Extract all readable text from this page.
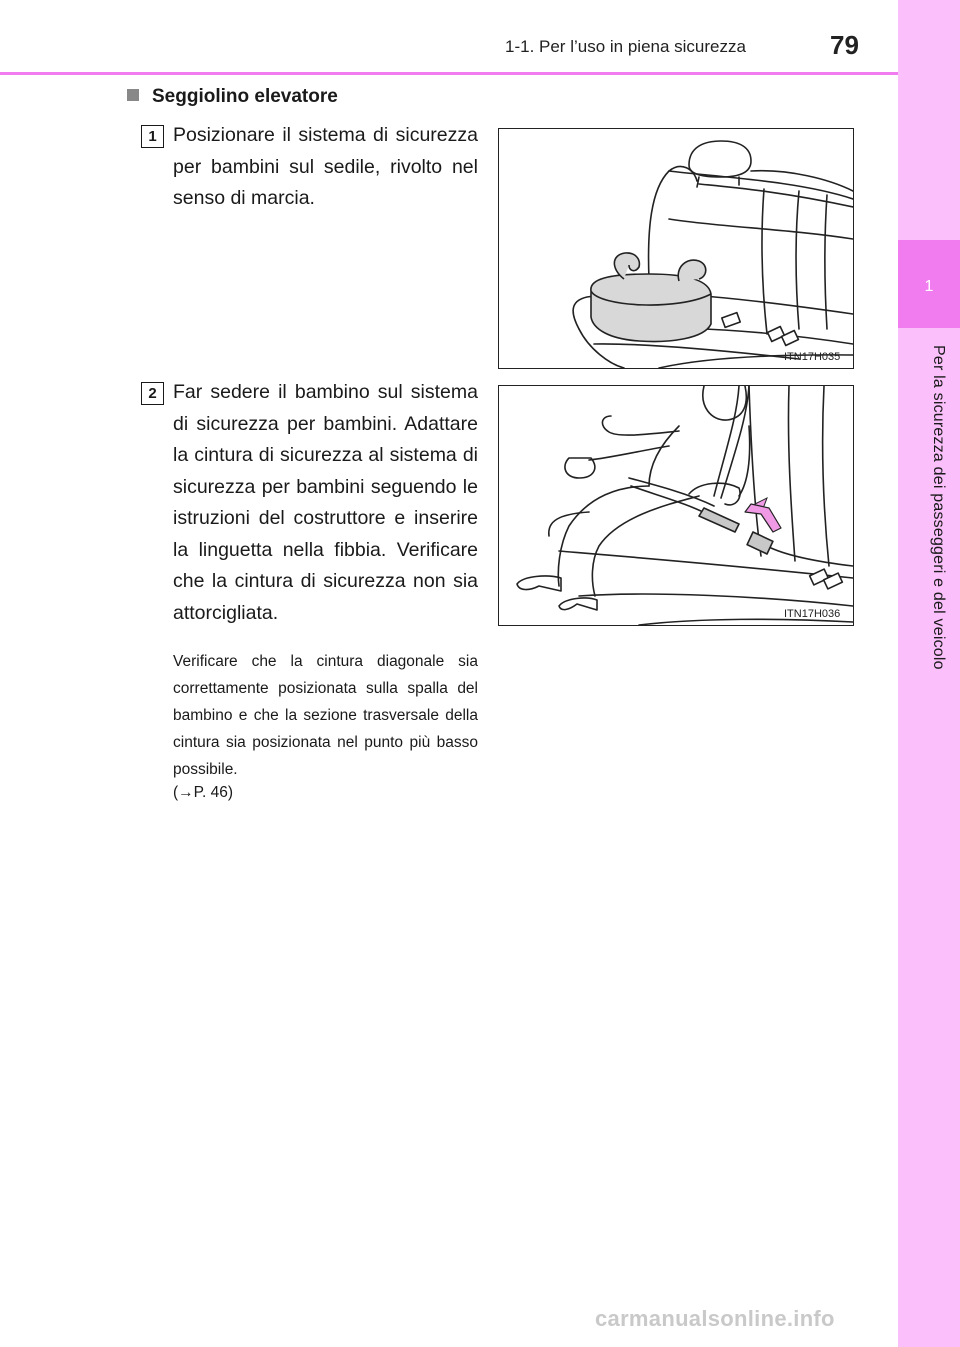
1-1. Per l’uso in piena sicurezza	79
1
Per la sicurezza dei passeggeri e del veicolo
Seggiolino elevatore
1 Posizionare il sistema di sicurezza per bambini sul sedile, rivolto nel senso di marcia.
ITN17H035
2 Far sedere il bambino sul sistema di sicurezza per bambini. Adattare la cintura di sicurezza al sistema di sicurezza per bambini seguendo le istruzioni del costruttore e inserire la linguetta nella fibbia. Verificare che la cintura di sicurezza non sia attorcigliata.	ITN17H036
Verificare che la cintura diagonale sia correttamente posizionata sulla spalla del bambino e che la sezione trasversale della cintura sia posizionata nel punto più basso possibile.
(→P. 46)
carmanualsonline.info
